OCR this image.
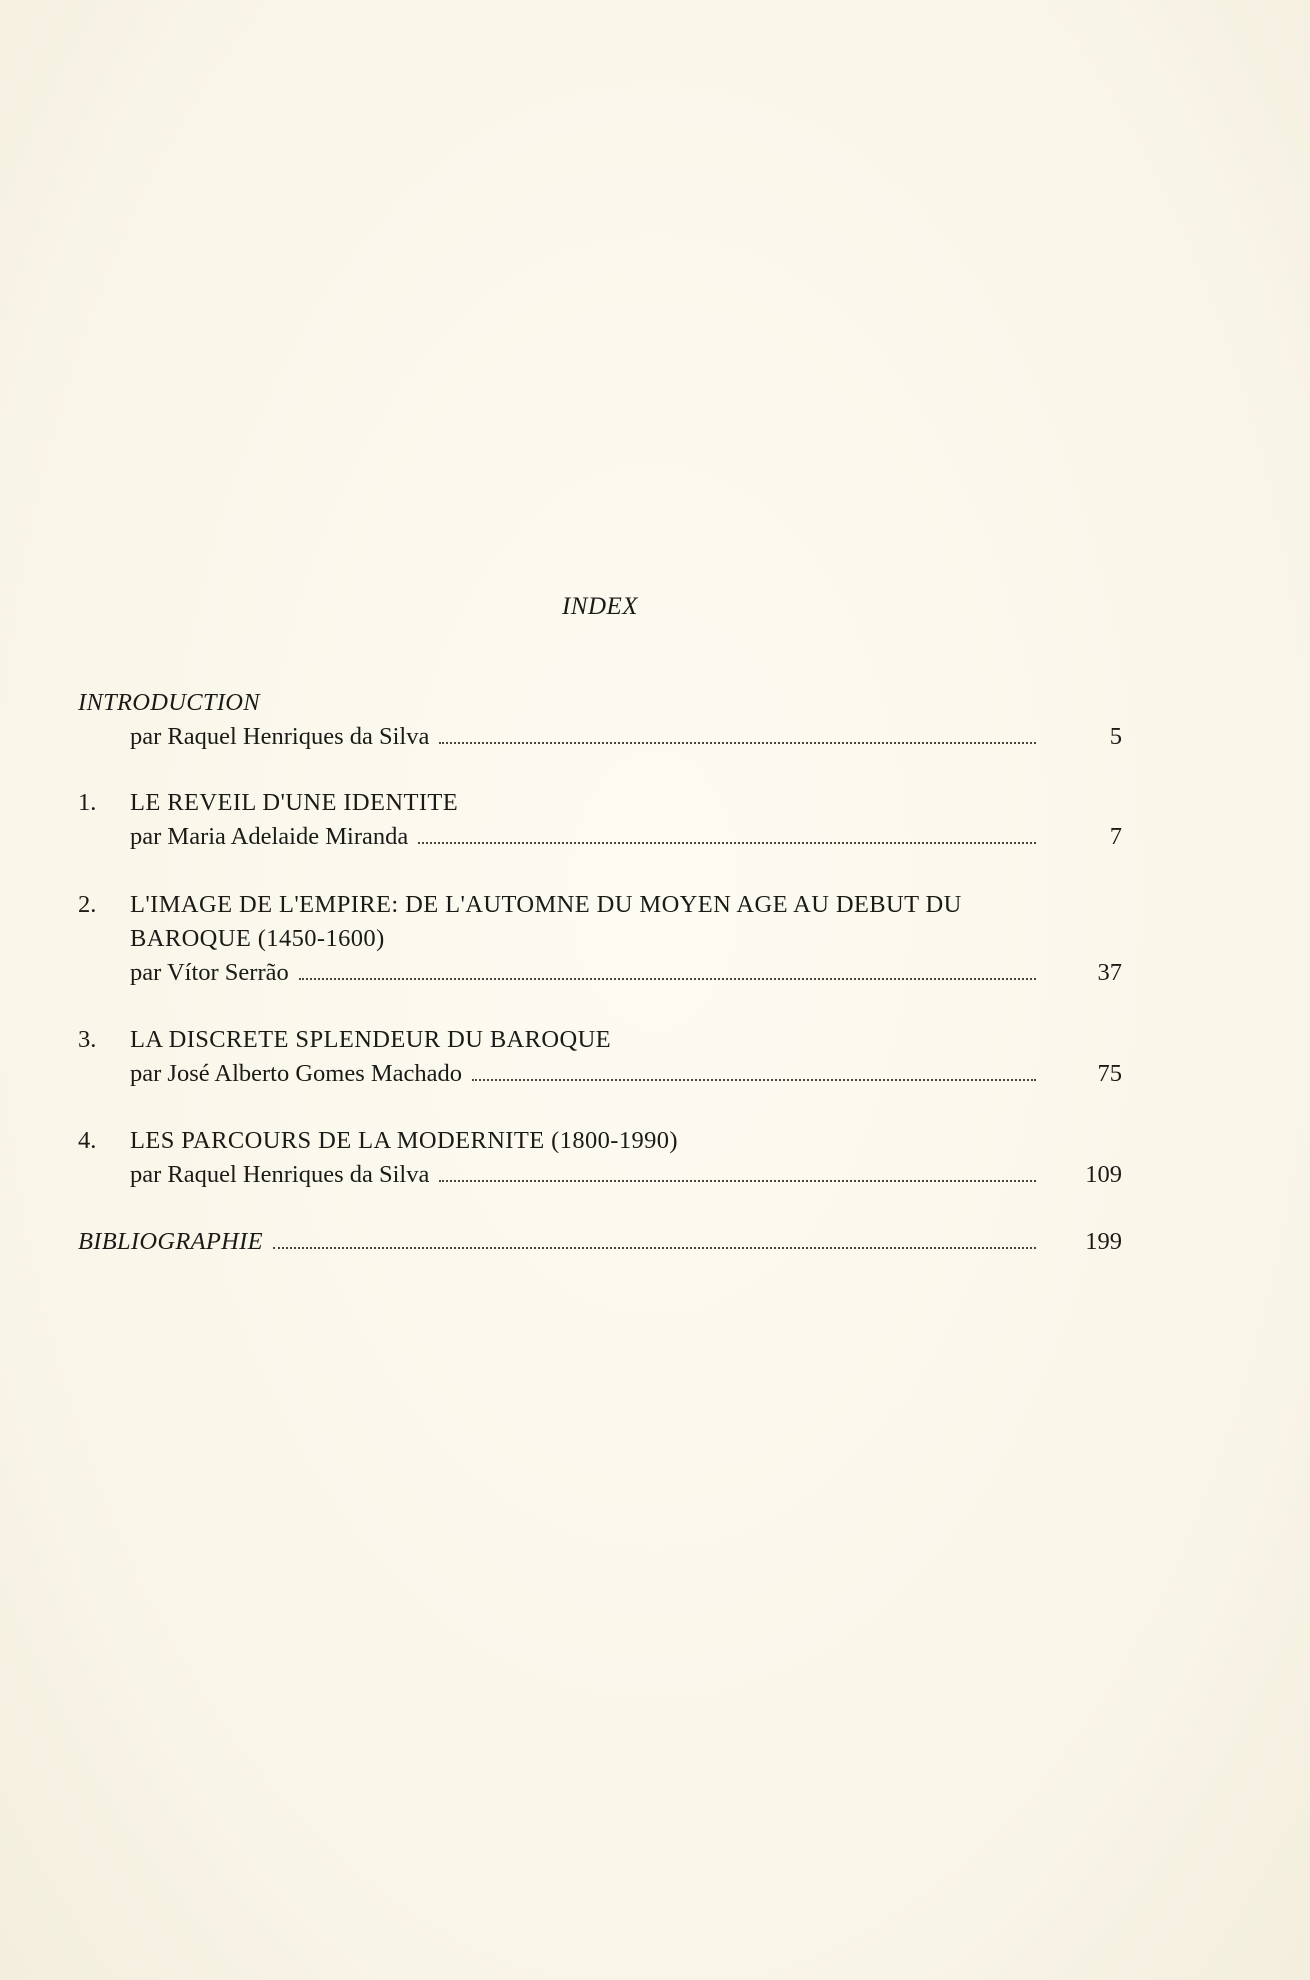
INDEX
INTRODUCTION
par Raquel Henriques da Silva	5
1. LE REVEIL D'UNE IDENTITE
par Maria Adelaide Miranda	7
2. L'IMAGE DE L'EMPIRE: DE L'AUTOMNE DU MOYEN AGE AU DEBUT DU
BAROQUE (1450-1600)
par Vítor Serrão	37
3. LA DISCRETE SPLENDEUR DU BAROQUE
par José Alberto Gomes Machado	75
4. LES PARCOURS DE LA MODERNITE (1800-1990)
par Raquel Henriques da Silva	109
BIBLIOGRAPHIE	199
